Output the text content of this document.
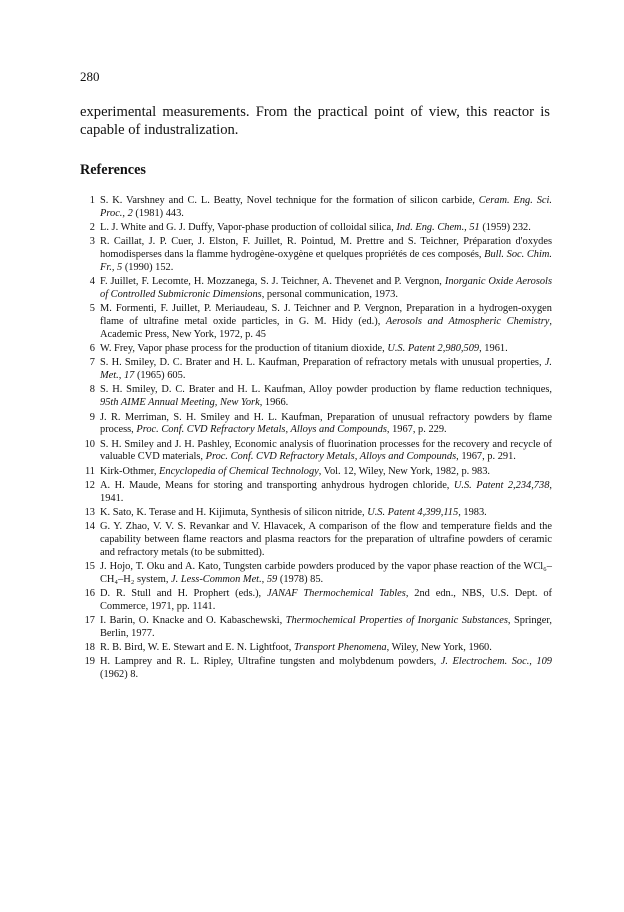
280

experimental measurements. From the practical point of view, this reactor is capable of industralization.

References
1 S. K. Varshney and C. L. Beatty, Novel technique for the formation of silicon carbide, Ceram. Eng. Sci. Proc., 2 (1981) 443.
2 L. J. White and G. J. Duffy, Vapor-phase production of colloidal silica, Ind. Eng. Chem., 51 (1959) 232.
3 R. Caillat, J. P. Cuer, J. Elston, F. Juillet, R. Pointud, M. Prettre and S. Teichner, Préparation d'oxydes homodisperses dans la flamme hydrogène-oxygène et quelques propriétés de ces composés, Bull. Soc. Chim. Fr., 5 (1990) 152.
4 F. Juillet, F. Lecomte, H. Mozzanega, S. J. Teichner, A. Thevenet and P. Vergnon, Inorganic Oxide Aerosols of Controlled Submicronic Dimensions, personal communication, 1973.
5 M. Formenti, F. Juillet, P. Meriaudeau, S. J. Teichner and P. Vergnon, Preparation in a hydrogen-oxygen flame of ultrafine metal oxide particles, in G. M. Hidy (ed.), Aerosols and Atmospheric Chemistry, Academic Press, New York, 1972, p. 45
6 W. Frey, Vapor phase process for the production of titanium dioxide, U.S. Patent 2,980,509, 1961.
7 S. H. Smiley, D. C. Brater and H. L. Kaufman, Preparation of refractory metals with unusual properties, J. Met., 17 (1965) 605.
8 S. H. Smiley, D. C. Brater and H. L. Kaufman, Alloy powder production by flame reduction techniques, 95th AIME Annual Meeting, New York, 1966.
9 J. R. Merriman, S. H. Smiley and H. L. Kaufman, Preparation of unusual refractory powders by flame process, Proc. Conf. CVD Refractory Metals, Alloys and Compounds, 1967, p. 229.
10 S. H. Smiley and J. H. Pashley, Economic analysis of fluorination processes for the recovery and recycle of valuable CVD materials, Proc. Conf. CVD Refractory Metals, Alloys and Compounds, 1967, p. 291.
11 Kirk-Othmer, Encyclopedia of Chemical Technology, Vol. 12, Wiley, New York, 1982, p. 983.
12 A. H. Maude, Means for storing and transporting anhydrous hydrogen chloride, U.S. Patent 2,234,738, 1941.
13 K. Sato, K. Terase and H. Kijimuta, Synthesis of silicon nitride, U.S. Patent 4,399,115, 1983.
14 G. Y. Zhao, V. V. S. Revankar and V. Hlavacek, A comparison of the flow and temperature fields and the capability between flame reactors and plasma reactors for the preparation of ultrafine powders of ceramic and refractory metals (to be submitted).
15 J. Hojo, T. Oku and A. Kato, Tungsten carbide powders produced by the vapor phase reaction of the WCl₆–CH₄–H₂ system, J. Less-Common Met., 59 (1978) 85.
16 D. R. Stull and H. Prophert (eds.), JANAF Thermochemical Tables, 2nd edn., NBS, U.S. Dept. of Commerce, 1971, pp. 1141.
17 I. Barin, O. Knacke and O. Kabaschewski, Thermochemical Properties of Inorganic Substances, Springer, Berlin, 1977.
18 R. B. Bird, W. E. Stewart and E. N. Lightfoot, Transport Phenomena, Wiley, New York, 1960.
19 H. Lamprey and R. L. Ripley, Ultrafine tungsten and molybdenum powders, J. Electrochem. Soc., 109 (1962) 8.
